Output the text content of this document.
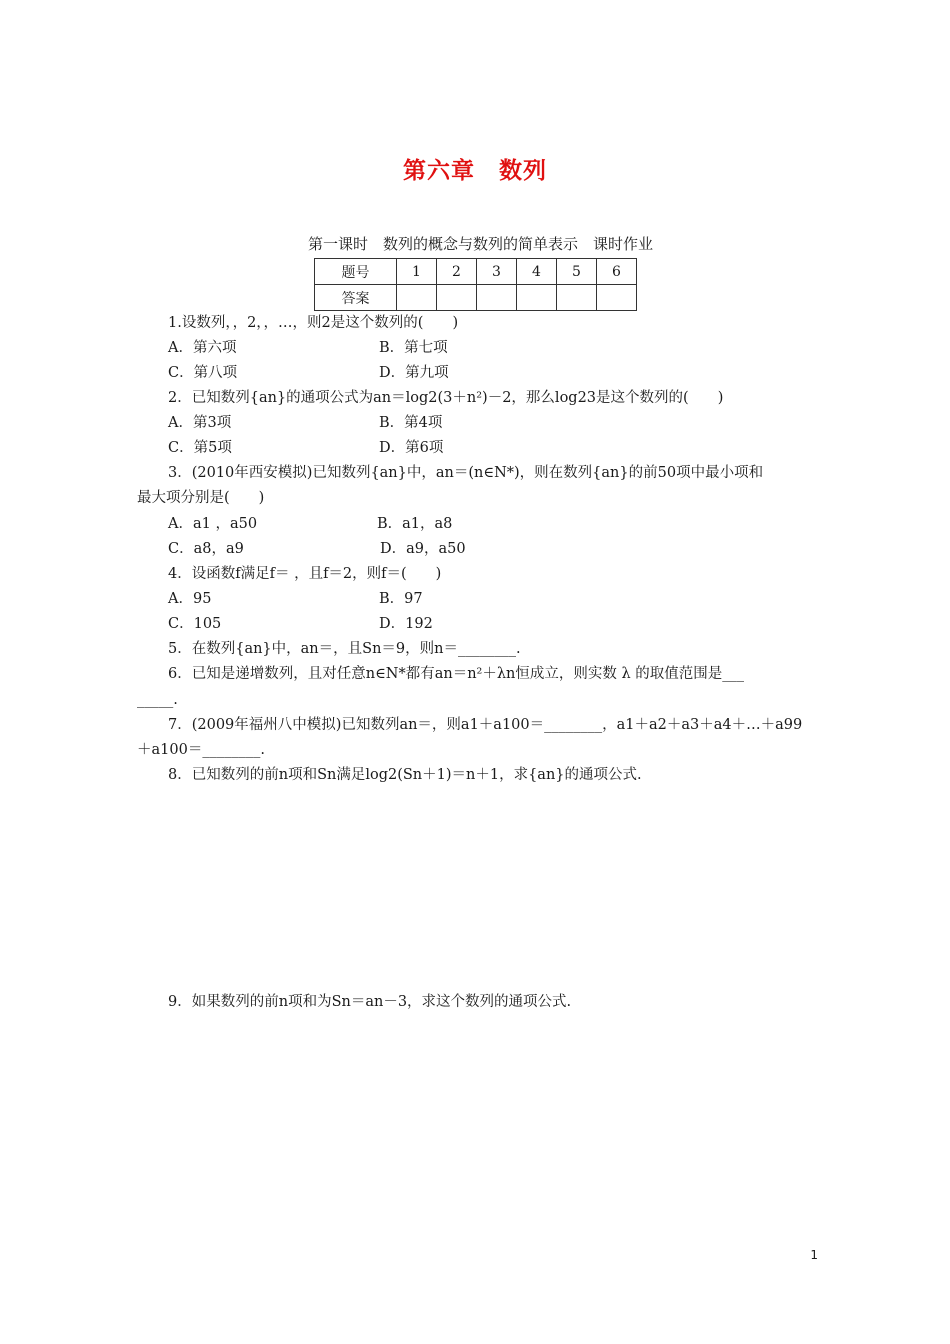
第六章　数列
第一课时　数列的概念与数列的简单表示　课时作业
题号	1	2	3	4	5	6
答案						
1.设数列，，2，，…，则2是这个数列的(　　)
A．第六项	B．第七项
C．第八项	D．第九项
2．已知数列{an}的通项公式为an＝log2(3＋n²)－2，那么log23是这个数列的(　　)
A．第3项	B．第4项
C．第5项	D．第6项
3．(2010年西安模拟)已知数列{an}中，an＝(n∈N*)，则在数列{an}的前50项中最小项和
最大项分别是(　　)
A．a1 ，a50	B．a1，a8
C．a8，a9	D．a9，a50
4．设函数f满足f＝ ，且f＝2，则f＝(　　)
A．95	B．97
C．105	D．192
5．在数列{an}中，an＝，且Sn＝9，则n＝________.
6．已知是递增数列，且对任意n∈N*都有an＝n²＋λn恒成立，则实数 λ 的取值范围是___
_____.
7．(2009年福州八中模拟)已知数列an＝，则a1＋a100＝________，a1＋a2＋a3＋a4＋…＋a99
＋a100＝________.
8．已知数列的前n项和Sn满足log2(Sn＋1)＝n＋1，求{an}的通项公式.
9．如果数列的前n项和为Sn＝an－3，求这个数列的通项公式.
1
